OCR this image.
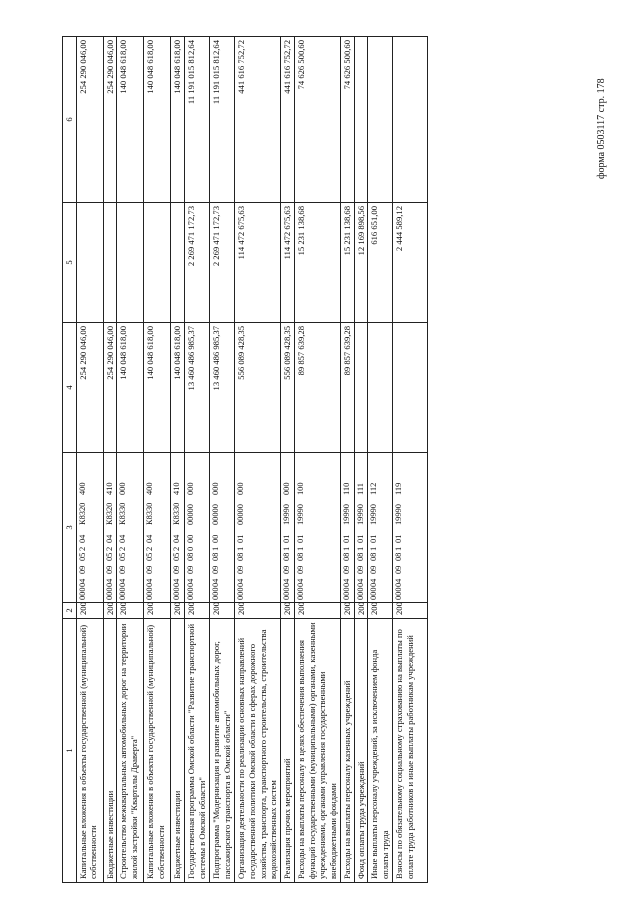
форма 0503117 стр. 178
1	2	3	4	5	6
Капитальные вложения в объекты государственной (муниципальной) собственности	200	000040905204К8320400	254 290 046,00		254 290 046,00
Бюджетные инвестиции	200	000040905204К8320410	254 290 046,00		254 290 046,00
Строительство межквартальных автомобильных дорог на территории жилой застройки "Кварталы Драверта"	200	000040905204К8330000	140 048 618,00		140 048 618,00
Капитальные вложения в объекты государственной (муниципальной) собственности	200	000040905204К8330400	140 048 618,00		140 048 618,00
Бюджетные инвестиции	200	000040905204К8330410	140 048 618,00		140 048 618,00
Государственная программа Омской области "Развитие транспортной системы в Омской области"	200	00004090800000000000	13 460 486 985,37	2 269 471 172,73	11 191 015 812,64
Подпрограмма "Модернизация и развитие автомобильных дорог, пассажирского транспорта в Омской области"	200	00004090810000000000	13 460 486 985,37	2 269 471 172,73	11 191 015 812,64
Организация деятельности по реализации основных направлений государственной политики Омской области в сферах дорожного хозяйства, транспорта, транспортного строительства, строительства водохозяйственных систем	200	00004090810100000000	556 089 428,35	114 472 675,63	441 616 752,72
Реализация прочих мероприятий	200	00004090810119990000	556 089 428,35	114 472 675,63	441 616 752,72
Расходы на выплаты персоналу в целях обеспечения выполнения функций государственными (муниципальными) органами, казенными учреждениями, органами управления государственными внебюджетными фондами	200	00004090810119990100	89 857 639,28	15 231 138,68	74 626 500,60
Расходы на выплаты персоналу казенных учреждений	200	00004090810119990110	89 857 639,28	15 231 138,68	74 626 500,60
Фонд оплаты труда учреждений	200	00004090810119990111		12 169 898,56	
Иные выплаты персоналу учреждений, за исключением фонда оплаты труда	200	00004090810119990112		616 651,00	
Взносы по обязательному социальному страхованию на выплаты по оплате труда работников и иные выплаты работникам учреждений	200	00004090810119990119		2 444 589,12	
